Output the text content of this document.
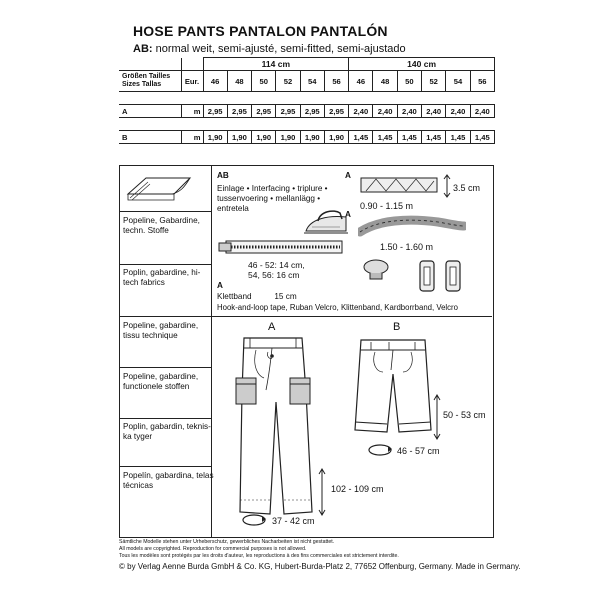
HOSE PANTS PANTALON PANTALÓN
AB: normal weit, semi-ajusté, semi-fitted, semi-ajustado
		114 cm						140 cm					

Größen Tailles
Sizes Tallas	Eur.	46	48	50	52	54	56	46	48	50	52	54	56

A	m	2,95	2,95	2,95	2,95	2,95	2,95	2,40	2,40	2,40	2,40	2,40	2,40

B	m	1,90	1,90	1,90	1,90	1,90	1,90	1,45	1,45	1,45	1,45	1,45	1,45
Popeline, Gabardine,
techn. Stoffe
Poplin, gabardine, hi-
tech fabrics
Popeline, gabardine,
tissu technique
Popeline, gabardine,
functionele stoffen
Poplin, gabardin, teknis-
ka tyger
Popelín, gabardina, telas
técnicas
AB
Einlage • Interfacing • triplure •
tussenvoering • mellanlägg •
entretela
A
3.5 cm
0.90 - 1.15 m
A
1.50 - 1.60 m
46 - 52: 14 cm,
54, 56: 16 cm
A
Klettband          15 cm
Hook-and-loop tape, Ruban Velcro, Klittenband, Kardborrband, Velcro
A
102 - 109 cm
37 - 42 cm
B
50 - 53 cm
46 - 57 cm
Sämtliche Modelle stehen unter Urheberschutz, gewerbliches Nacharbeiten ist nicht gestattet.
All models are copyrighted. Reproduction for commercial purposes is not allowed.
Tous les modèles sont protégés par les droits d'auteur, les reproductions à des fins commerciales est strictement interdite.
© by Verlag Aenne Burda GmbH & Co. KG, Hubert-Burda-Platz 2, 77652 Offenburg, Germany. Made in Germany.
